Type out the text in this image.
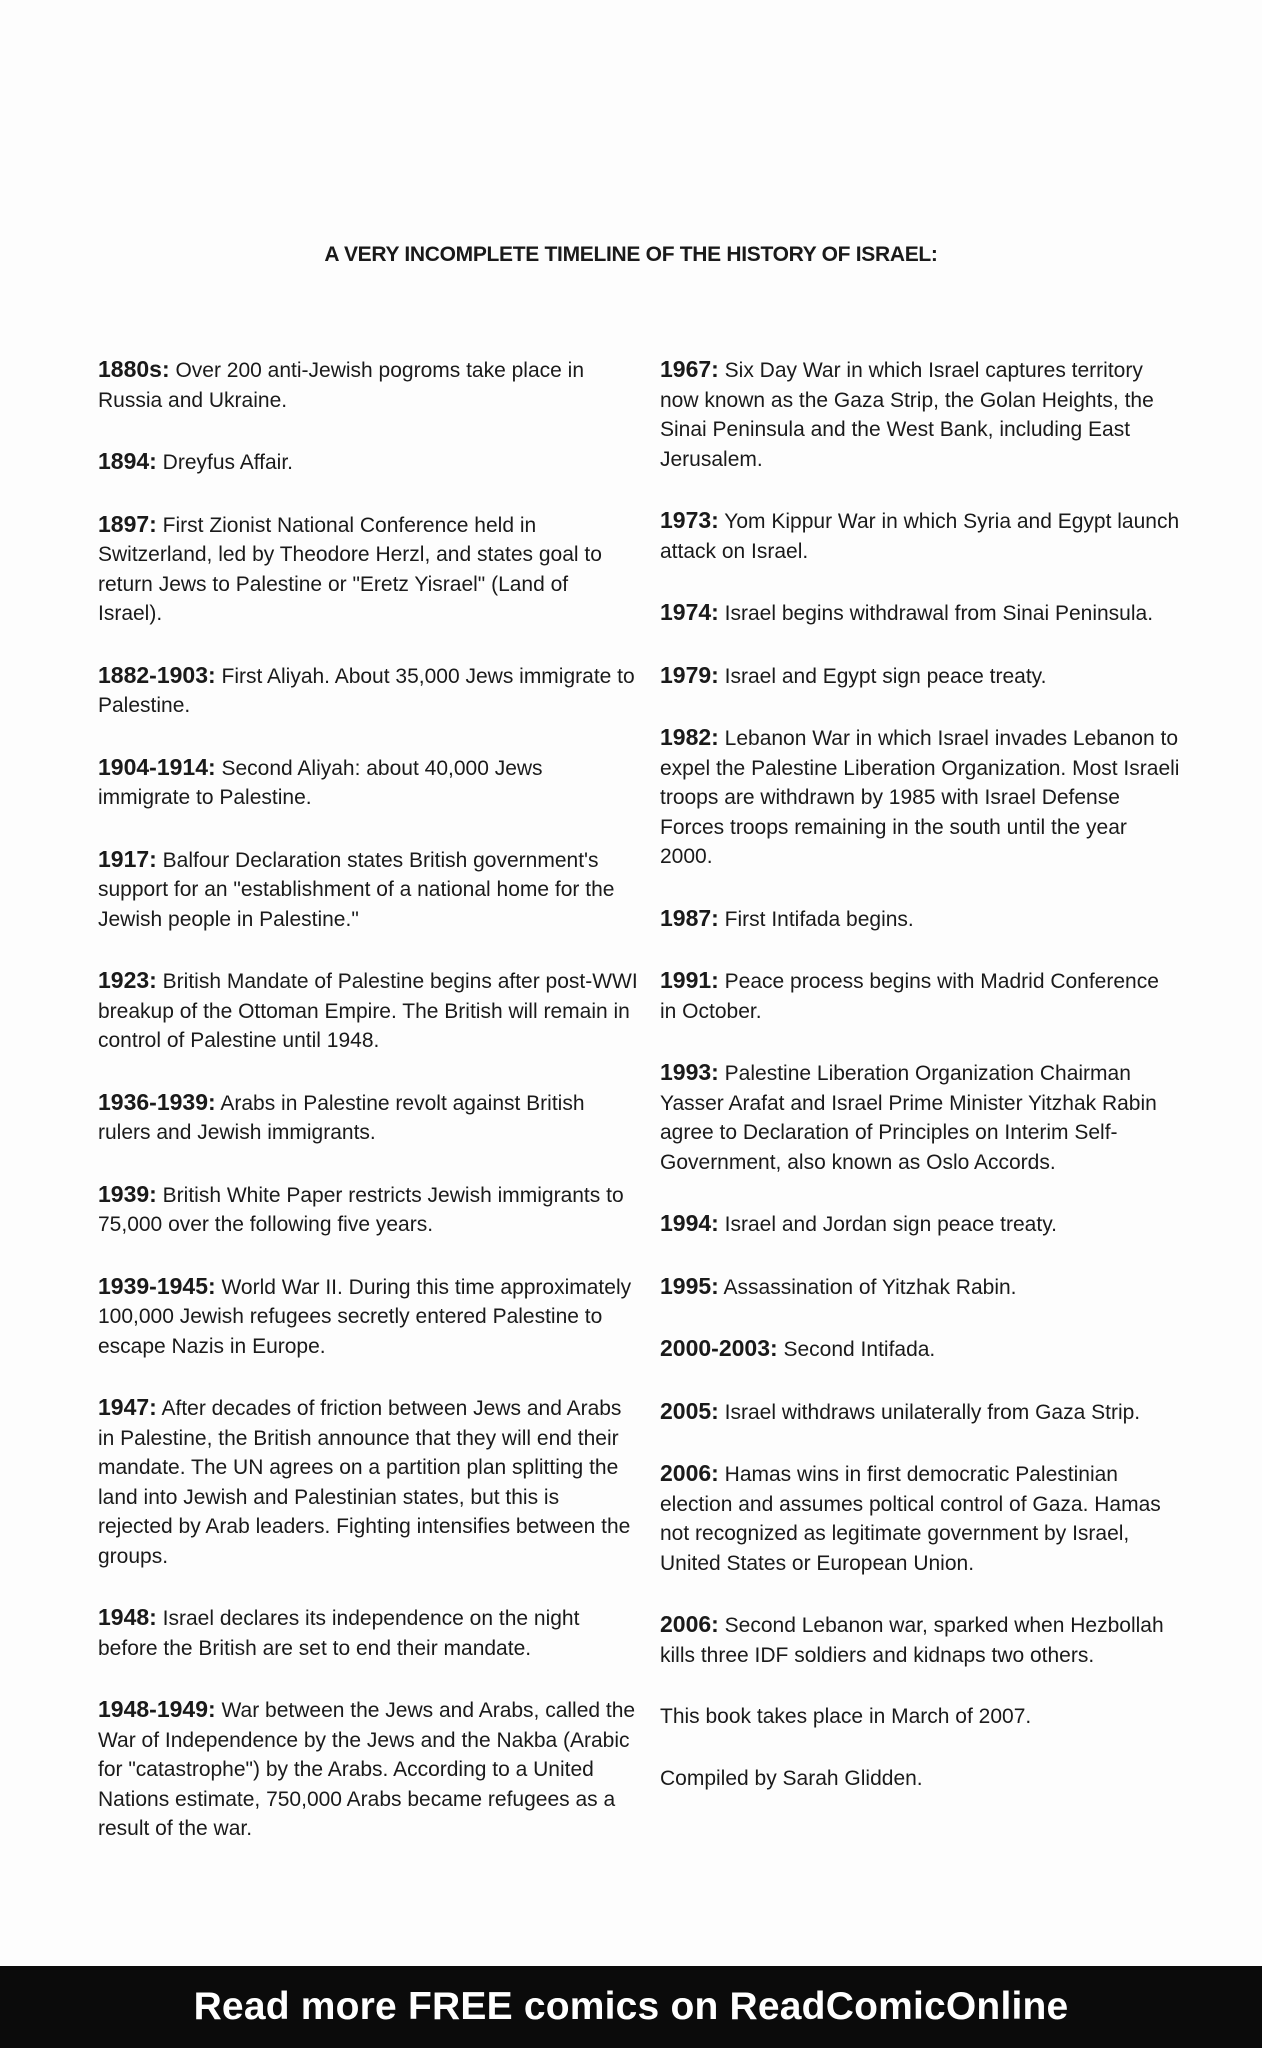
A VERY INCOMPLETE TIMELINE OF THE HISTORY OF ISRAEL:

1880s: Over 200 anti-Jewish pogroms take place in Russia and Ukraine.

1894: Dreyfus Affair.

1897: First Zionist National Conference held in Switzerland, led by Theodore Herzl, and states goal to return Jews to Palestine or "Eretz Yisrael" (Land of Israel).

1882-1903: First Aliyah. About 35,000 Jews immigrate to Palestine.

1904-1914: Second Aliyah: about 40,000 Jews immigrate to Palestine.

1917: Balfour Declaration states British government's support for an "establishment of a national home for the Jewish people in Palestine."

1923: British Mandate of Palestine begins after post-WWI breakup of the Ottoman Empire. The British will remain in control of Palestine until 1948.

1936-1939: Arabs in Palestine revolt against British rulers and Jewish immigrants.

1939: British White Paper restricts Jewish immigrants to 75,000 over the following five years.

1939-1945: World War II. During this time approximately 100,000 Jewish refugees secretly entered Palestine to escape Nazis in Europe.

1947: After decades of friction between Jews and Arabs in Palestine, the British announce that they will end their mandate. The UN agrees on a partition plan splitting the land into Jewish and Palestinian states, but this is rejected by Arab leaders. Fighting intensifies between the groups.

1948: Israel declares its independence on the night before the British are set to end their mandate.

1948-1949: War between the Jews and Arabs, called the War of Independence by the Jews and the Nakba (Arabic for "catastrophe") by the Arabs. According to a United Nations estimate, 750,000 Arabs became refugees as a result of the war.

1967: Six Day War in which Israel captures territory now known as the Gaza Strip, the Golan Heights, the Sinai Peninsula and the West Bank, including East Jerusalem.

1973: Yom Kippur War in which Syria and Egypt launch attack on Israel.

1974: Israel begins withdrawal from Sinai Peninsula.

1979: Israel and Egypt sign peace treaty.

1982: Lebanon War in which Israel invades Lebanon to expel the Palestine Liberation Organization. Most Israeli troops are withdrawn by 1985 with Israel Defense Forces troops remaining in the south until the year 2000.

1987: First Intifada begins.

1991: Peace process begins with Madrid Conference in October.

1993: Palestine Liberation Organization Chairman Yasser Arafat and Israel Prime Minister Yitzhak Rabin agree to Declaration of Principles on Interim Self-Government, also known as Oslo Accords.

1994: Israel and Jordan sign peace treaty.

1995: Assassination of Yitzhak Rabin.

2000-2003: Second Intifada.

2005: Israel withdraws unilaterally from Gaza Strip.

2006: Hamas wins in first democratic Palestinian election and assumes poltical control of Gaza. Hamas not recognized as legitimate government by Israel, United States or European Union.

2006: Second Lebanon war, sparked when Hezbollah kills three IDF soldiers and kidnaps two others.

This book takes place in March of 2007.

Compiled by Sarah Glidden.

Read more FREE comics on ReadComicOnline
